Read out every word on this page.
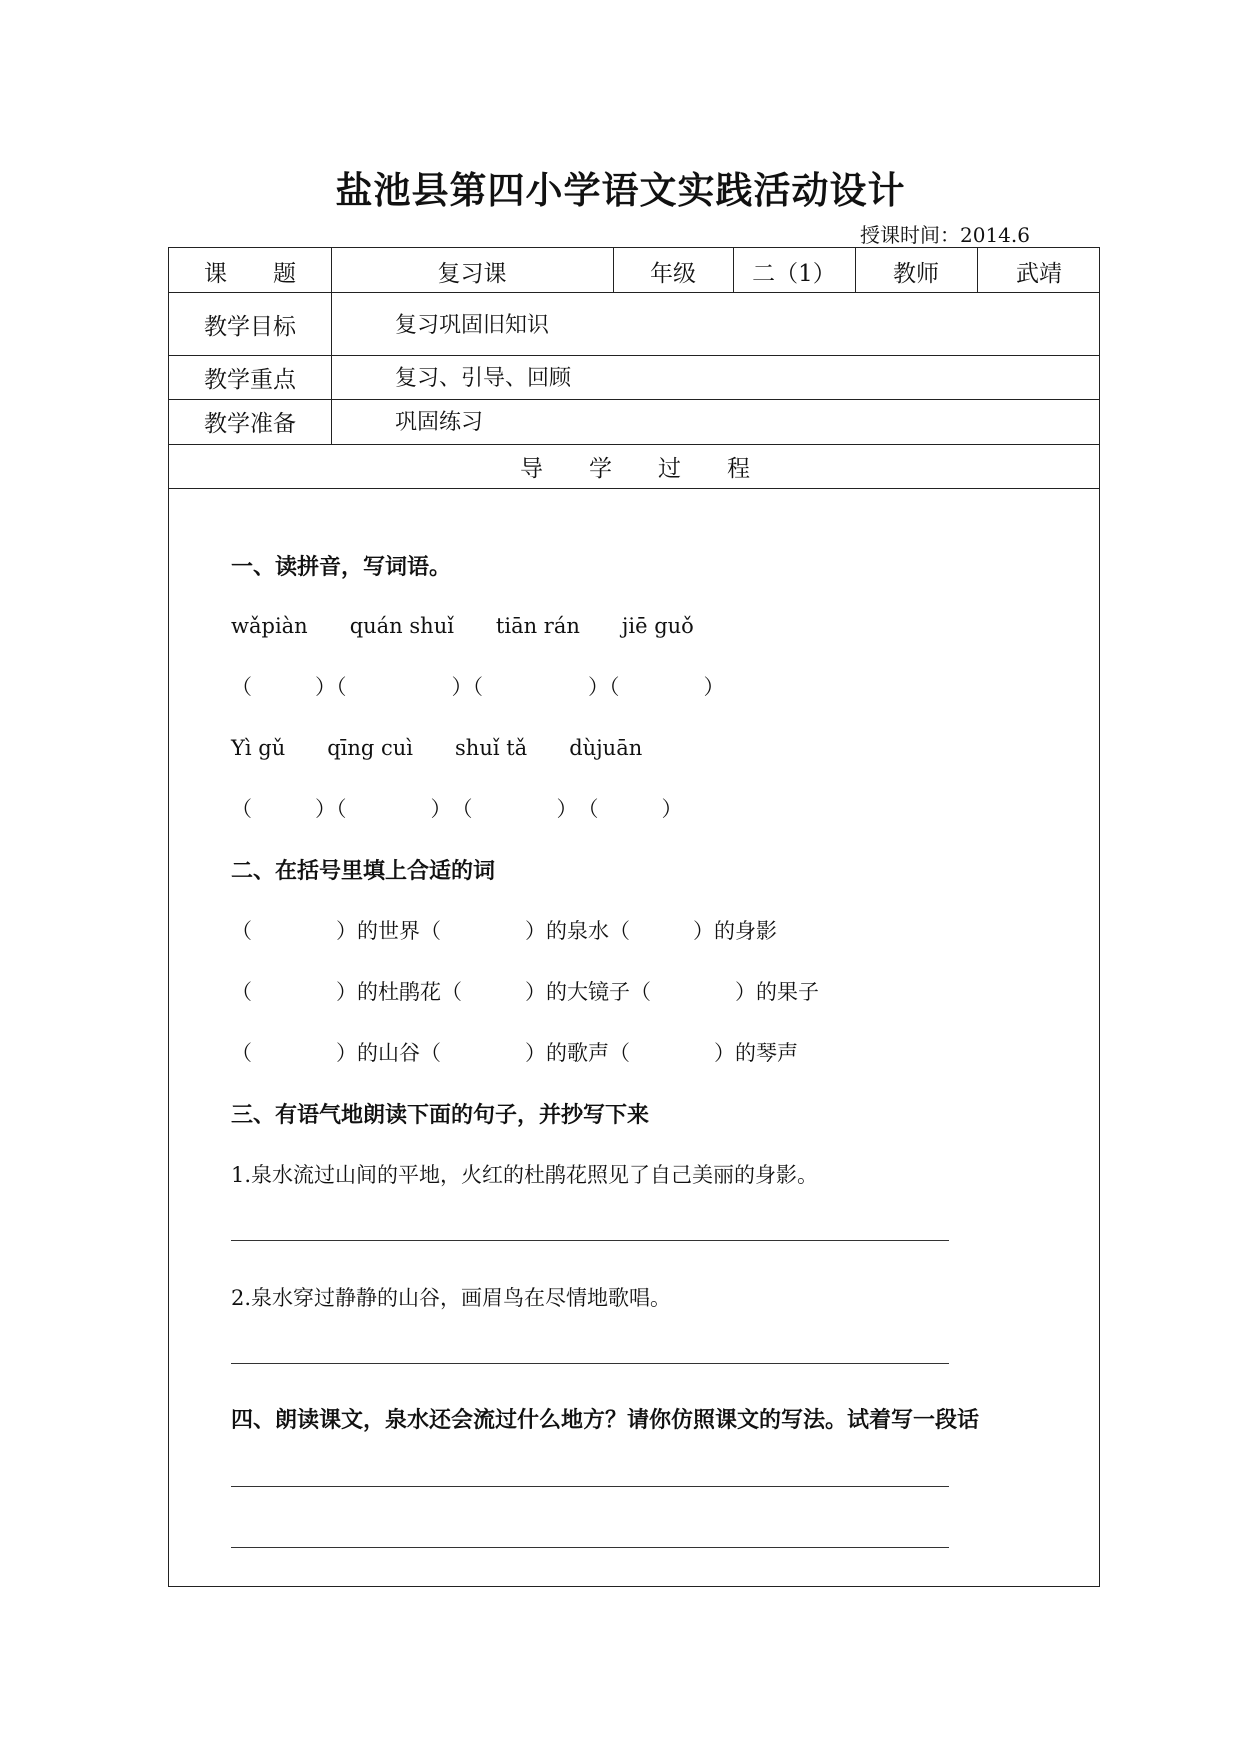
盐池县第四小学语文实践活动设计
授课时间：2014.6
课　　题	复习课	年级	二（1）	教师	武靖
教学目标	复习巩固旧知识
教学重点	复习、引导、回顾
教学准备	巩固练习
导　　学　　过　　程
一、读拼音，写词语。
wǎpiàn　　quán shuǐ　　tiān rán　　jiē guǒ
（　　　）（　　　　　）（　　　　　）（　　　　）
Yì gǔ　　qīng cuì　　shuǐ tǎ　　dùjuān
（　　　）（　　　　）　（　　　　）　（　　　）
二、在括号里填上合适的词
（　　　　）的世界（　　　　）的泉水（　　　）的身影
（　　　　）的杜鹃花（　　　）的大镜子（　　　　）的果子
（　　　　）的山谷（　　　　）的歌声（　　　　）的琴声
三、有语气地朗读下面的句子，并抄写下来
1.泉水流过山间的平地，火红的杜鹃花照见了自己美丽的身影。
2.泉水穿过静静的山谷，画眉鸟在尽情地歌唱。
四、朗读课文，泉水还会流过什么地方？请你仿照课文的写法。试着写一段话
